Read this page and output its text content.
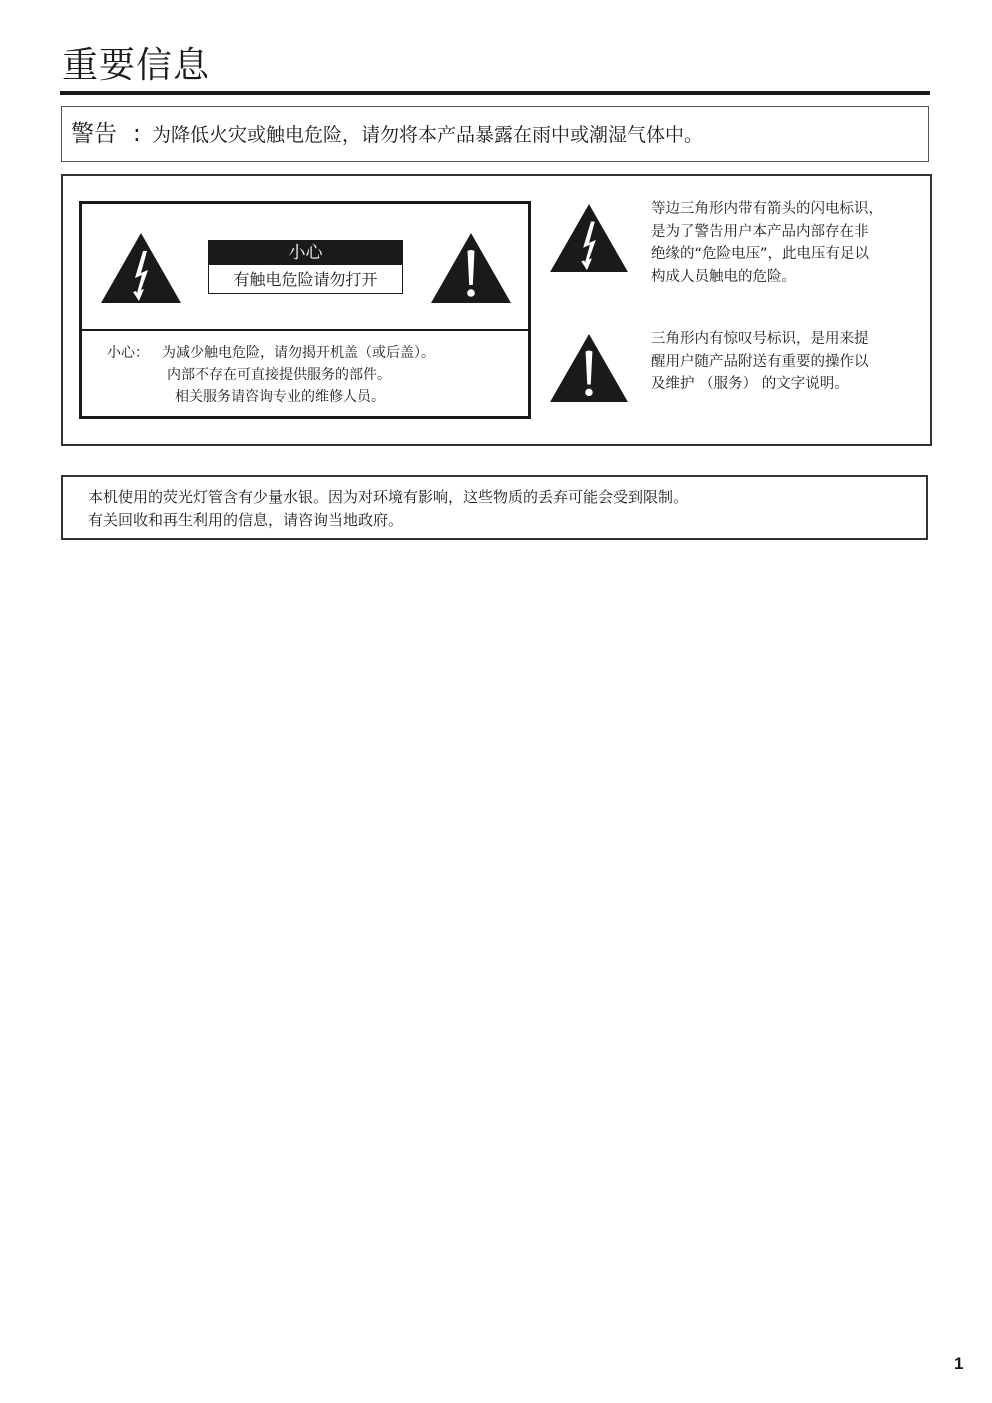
重要信息
警告 : 为降低火灾或触电危险，请勿将本产品暴露在雨中或潮湿气体中。
小心
有触电危险请勿打开
小心： 为减少触电危险，请勿揭开机盖（或后盖）。
内部不存在可直接提供服务的部件。
相关服务请咨询专业的维修人员。
等边三角形内带有箭头的闪电标识，
是为了警告用户本产品内部存在非
绝缘的“危险电压”，此电压有足以
构成人员触电的危险。
三角形内有惊叹号标识，是用来提
醒用户随产品附送有重要的操作以
及维护 （服务） 的文字说明。
本机使用的荧光灯管含有少量水银。因为对环境有影响，这些物质的丢弃可能会受到限制。
有关回收和再生利用的信息，请咨询当地政府。
1
